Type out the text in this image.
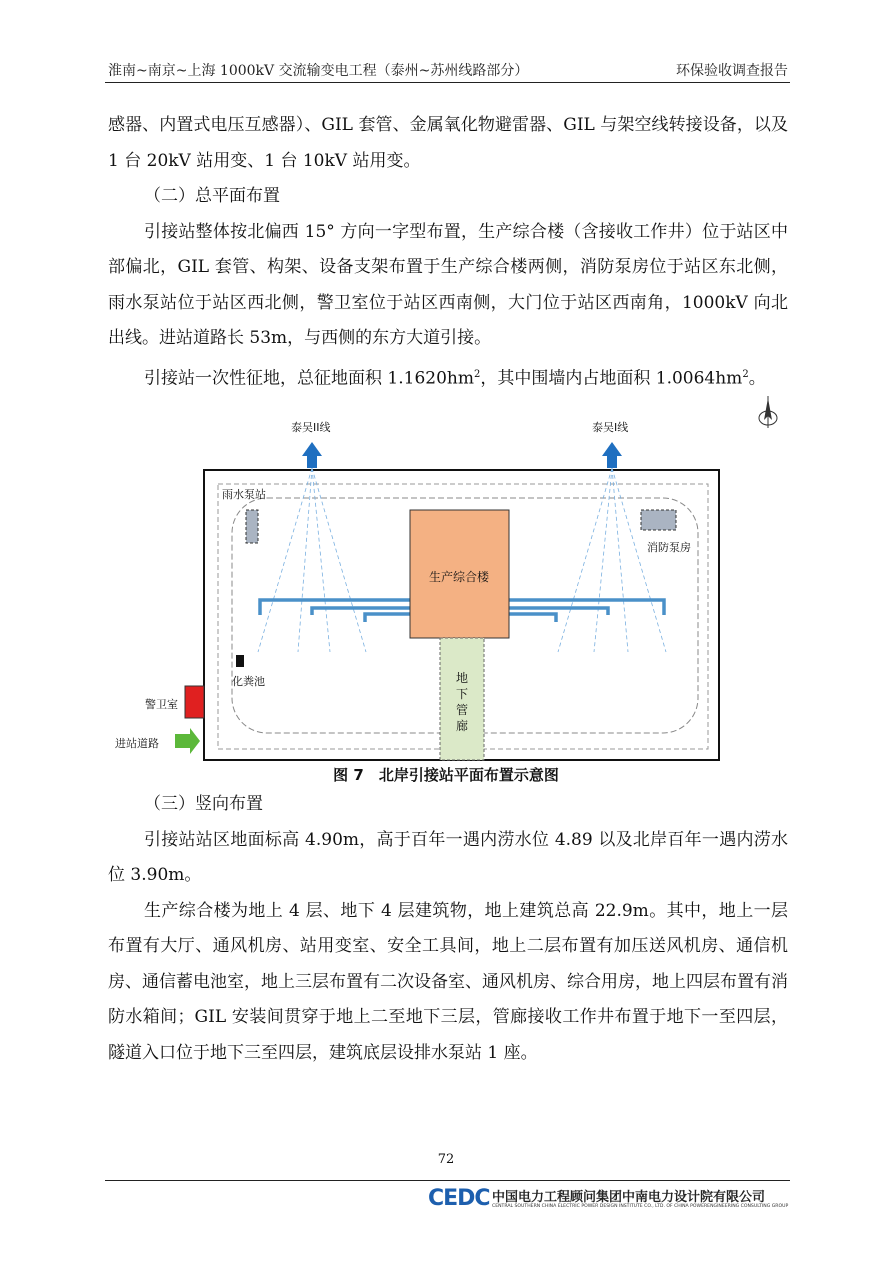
淮南~南京~上海 1000kV 交流输变电工程（泰州~苏州线路部分）	环保验收调查报告

感器、内置式电压互感器）、GIL 套管、金属氧化物避雷器、GIL 与架空线转接设备，以及 1 台 20kV 站用变、1 台 10kV 站用变。

（二）总平面布置

引接站整体按北偏西 15° 方向一字型布置，生产综合楼（含接收工作井）位于站区中部偏北，GIL 套管、构架、设备支架布置于生产综合楼两侧，消防泵房位于站区东北侧，雨水泵站位于站区西北侧，警卫室位于站区西南侧，大门位于站区西南角，1000kV 向北出线。进站道路长 53m，与西侧的东方大道引接。

引接站一次性征地，总征地面积 $1.1620hm^2$，其中围墙内占地面积 $1.0064hm^2$。

泰吴II线	泰吴I线
雨水泵站
消防泵房
生产综合楼
化粪池
警卫室
进站道路
地
下
管
廊
图 7　北岸引接站平面布置示意图

（三）竖向布置

引接站站区地面标高 4.90m，高于百年一遇内涝水位 4.89 以及北岸百年一遇内涝水位 3.90m。

生产综合楼为地上 4 层、地下 4 层建筑物，地上建筑总高 22.9m。其中，地上一层布置有大厅、通风机房、站用变室、安全工具间，地上二层布置有加压送风机房、通信机房、通信蓄电池室，地上三层布置有二次设备室、通风机房、综合用房，地上四层布置有消防水箱间；GIL 安装间贯穿于地上二至地下三层，管廊接收工作井布置于地下一至四层，隧道入口位于地下三至四层，建筑底层设排水泵站 1 座。

72
CEDC 中国电力工程顾问集团中南电力设计院有限公司
CENTRAL SOUTHERN CHINA ELECTRIC POWER DESIGN INSTITUTE CO., LTD. OF CHINA POWERENGINEERING CONSULTING GROUP
